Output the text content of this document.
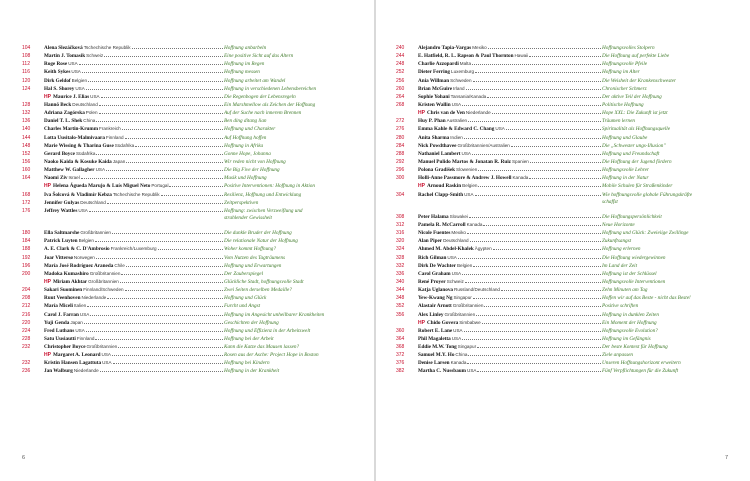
104	Alena Slezáčková Tschechische Republik	Hoffnung anbarbeln
108	Martin J. Tomasik Schweiz	Eine positive Sicht auf das Altern
112	Roge Rose USA	Hoffnung im Regen
116	Keith Sykes USA	Hoffnung messen
120	Dirk Geldof Belgien	Hoffnung arbeitet am Wandel
124	Hal S. Shorey USA	Hoffnung in verschiedenen Lebensbereichen
HP Maurice J. Elias USA	Die Regenbogen der Lebensregeln
128	Hannö Beck Deutschland	Ein Marshmellow als Zeichen der Hoffnung
132	Adriana Zagórska Polen	Auf der Suche nach innerem Brennen
136	Daniel T. L. Shek China	Ben ding ditang lian
140	Charles Martin-Krumm Frankreich	Hoffnung und Charakter
144	Lotta Uusitalo-Malmivaara Finnland	Auf Hoffnung hoffen
148	Marie Wissing & Tharina Guse Südafrika	Hoffnung in Afrika
152	Gerard Boyce Südafrika	Gonne Hope, Johanna
156	Naoko Kaida & Kosuke Kaida Japan	Wir reden nicht von Hoffnung
160	Matthew W. Gallagher USA	Die Big Five der Hoffnung
164	Naomi Ziv Israel	Musik und Hoffnung
HP Helena Águeda Marujo & Luís Miguel Neto Portugal	Positive Interventionen: Hoffnung in Aktion
168	Iva Šolcová & Vladimír Kebza Tschechische Republik	Resilienz, Hoffnung und Entwicklung
172	Jennifer Gulyas Deutschland	Zeitperspektiven
176	Jeffrey Wattles USA	Hoffnung: zwischen Verzweiflung und
strahlender Gewissheit
180	Ella Saltmarshe Großbritannien	Die dunkle Bruder der Hoffnung
184	Patrick Luyten Belgien	Die relationale Natur der Hoffnung
188	A. E. Clark & C. D'Ambrosio Frankreich/Luxemburg	Woher kommt Hoffnung?
192	Joar Vittersø Norwegen	Vom Nutzen des Tagträumens
196	María José Rodríguez Araneda Chile	Hoffnung und Erwartungen
200	Madoka Kumashiro Großbritannien	Der Zauberspiegel
HP Miriam Akhtar Großbritannien	Glückliche Stadt, hoffnungsvolle Stadt
204	Sakari Suominen Finnland/Schweden	Zwei Seiten derselben Medaille?
208	Ruut Veenhoven Niederlande	Hoffnung und Glück
212	María Miceli Italien	Furcht und Angst
216	Carol J. Farran USA	Hoffnung im Angesicht unheilbarer Krankheiten
220	Yuji Genda Japan	Geschichten der Hoffnung
224	Fred Luthans USA	Hoffnung und Effizienz in der Arbeitswelt
228	Satu Uusiautti Finnland	Hoffnung bei der Arbeit
232	Christopher Boyce Großbritannien	Kann die Katze das Mausen lassen?
HP Margaret A. Leonard USA	Rosen aus der Asche: Project Hope in Boston
232	Kristin Hansen Lagattuta USA	Hoffnung bei Kindern
236	Jan Walburg Niederlande	Hoffnung in der Krankheit
6
240	Alejandro Tapia-Vargas Mexiko	Hoffnungsvolles Stolpern
244	E. Hatfield, R. L. Rapson & Paul Thornton Hawaii	Die Hoffnung auf perfekte Liebe
248	Charlie Azzopardi Malta	Hoffnungsvolle Pfeile
252	Dieter Ferring Luxemburg	Hoffnung im Alter
256	Ania Willman Schweden	Die Weisheit der Krankenschwester
260	Brian McGuire Irland	Chronischer Schmerz
264	Sophie Yohani Tansania/Kanada	Der aktive Teil der Hoffnung
268	Kristen Wallin USA	Politische Hoffnung
HP Chris van de Ven Niederlande	Hope XXL: Die Zukunft ist jetzt
272	Huy P. Phan Australien	Träumen lernen
276	Emma Kahle & Edward C. Chang USA	Spiritualität als Hoffnungsquelle
280	Anita Sharma Indien	Hoffnung und Glaube
284	Nick Powdthavee Großbritannien/Australien	Die „Schwester ungs-Illusion"
288	Nathaniel Lambert USA	Hoffnung und Freundschaft
292	Manuel Pulido Martos & Jonatan R. Ruiz Spanien	Die Hoffnung der Jugend fördern
296	Polona Gradišek Slowenien	Hoffnungsvolle Lehrer
300	Holli-Anne Passmore & Andrew J. Howell Kanada	Hoffnung in der Natur
HP Arnoud Raskin Belgien	Mobile Schulen für Straßenkinder
304	Rachel Clapp-Smith USA	Wie hoffnungsvolle globale Führungskräfte
schaffst
308	Peter Halama Slowakei	Die Hoffnungspersönlichkeit
312	Pamela R. McCarroll Kanada	Neue Horizonte
316	Nicole Fuentes Mexiko	Hoffnung und Glück: Zweieiige Zwillinge
320	Alan Piper Deutschland	Zukunftsangst
324	Ahmed M. Abdel-Khalek Ägypten	Hoffnung erlernen
328	Rich Gilman USA	Die Hoffnung wiedergewinnen
332	Dirk De Wachter Belgien	Im Land der Zeit
336	Carol Graham USA	Hoffnung ist der Schlüssel
340	René Proyer Schweiz	Hoffnungsvolle Interventionen
344	Katja Uglanova Russland/Deutschland	Zehn Minuten am Tag
348	Yew-Kwang Ng Singapur	Hoffen wir auf das Beste - nicht das Beste!
352	Alastair Arnott Großbritannien	Positive schriften
356	Alex Linley Großbritannien	Hoffnung in dunklen Zeiten
HP Chido Govera Simbabwe	Ein Moment der Hoffnung
360	Robert E. Lane USA	Hoffnungsvolle Evolution?
364	Phil Magaletta USA	Hoffnung im Gefängnis
368	Eddie M.W. Tong Singapur	Der beste Kontext für Hoffnung
372	Samuel M.Y. Ho China	Ziele anpassen
376	Denise Larsen Kanada	Unseren Hoffnungshorizont erweitern
382	Martha C. Nussbaum USA	Fünf Verpflichtungen für die Zukunft
7
